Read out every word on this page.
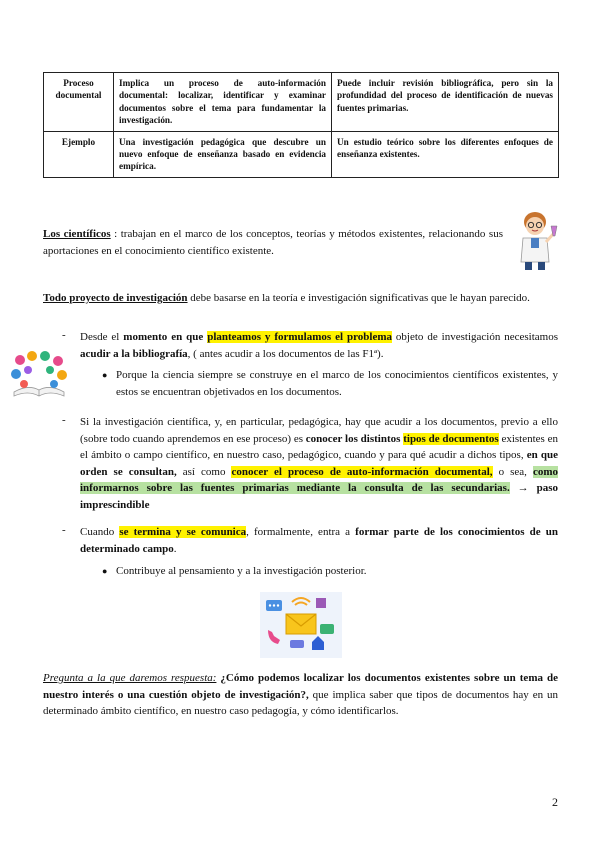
Proceso documental	Implica un proceso de auto-información documental: localizar, identificar y examinar documentos sobre el tema para fundamentar la investigación.	Puede incluir revisión bibliográfica, pero sin la profundidad del proceso de identificación de nuevas fuentes primarias.
Ejemplo	Una investigación pedagógica que descubre un nuevo enfoque de enseñanza basado en evidencia empírica.	Un estudio teórico sobre los diferentes enfoques de enseñanza existentes.

Los científicos : trabajan en el marco de los conceptos, teorías y métodos existentes, relacionando sus aportaciones en el conocimiento científico existente.

Todo proyecto de investigación debe basarse en la teoría e investigación significativas que le hayan parecido.

- Desde el momento en que planteamos y formulamos el problema objeto de investigación necesitamos acudir a la bibliografía, ( antes acudir a los documentos de las F1ª).

● Porque la ciencia siempre se construye en el marco de los conocimientos científicos existentes, y estos se encuentran objetivados en los documentos.

- Si la investigación científica, y, en particular, pedagógica, hay que acudir a los documentos, previo a ello (sobre todo cuando aprendemos en ese proceso) es conocer los distintos tipos de documentos existentes en el ámbito o campo científico, en nuestro caso, pedagógico, cuando y para qué acudir a dichos tipos, en que orden se consultan, así como conocer el proceso de auto-información documental, o sea, como informarnos sobre las fuentes primarias mediante la consulta de las secundarias. → paso imprescindible

- Cuando se termina y se comunica, formalmente, entra a formar parte de los conocimientos de un determinado campo.

● Contribuye al pensamiento y a la investigación posterior.

Pregunta a la que daremos respuesta: ¿Cómo podemos localizar los documentos existentes sobre un tema de nuestro interés o una cuestión objeto de investigación?, que implica saber que tipos de documentos hay en un determinado ámbito científico, en nuestro caso pedagogía, y cómo identificarlos.

2
